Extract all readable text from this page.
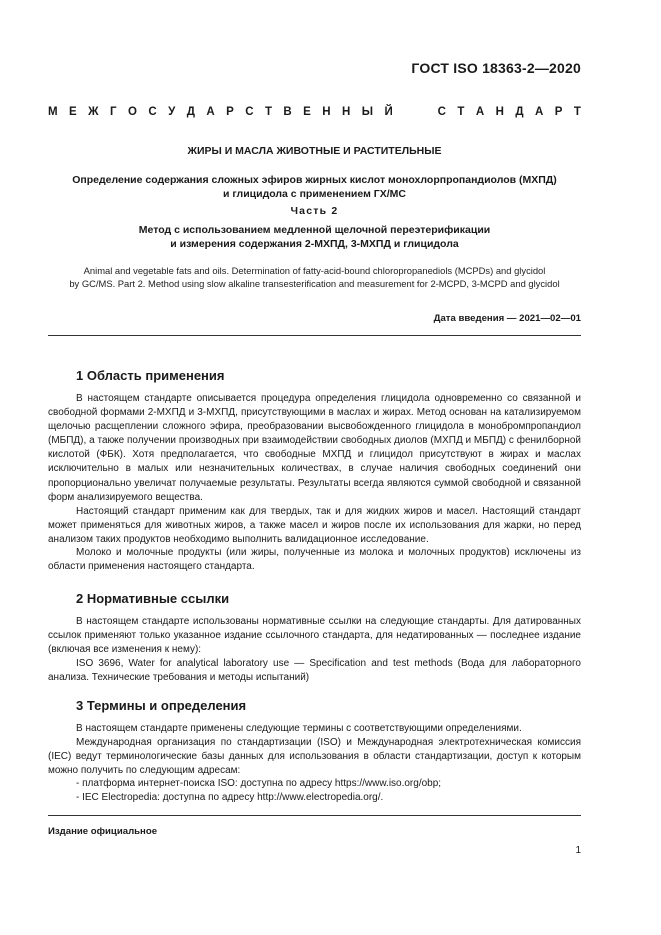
ГОСТ ISO 18363-2—2020
М Е Ж Г О С У Д А Р С Т В Е Н Н Ы Й	С Т А Н Д А Р Т
ЖИРЫ И МАСЛА ЖИВОТНЫЕ И РАСТИТЕЛЬНЫЕ
Определение содержания сложных эфиров жирных кислот монохлорпропандиолов (МХПД)
и глицидола с применением ГХ/МС
Часть 2
Метод с использованием медленной щелочной переэтерификации
и измерения содержания 2-МХПД, 3-МХПД и глицидола
Animal and vegetable fats and oils. Determination of fatty-acid-bound chloropropanediols (MCPDs) and glycidol
by GC/MS. Part 2. Method using slow alkaline transesterification and measurement for 2-MCPD, 3-MCPD and glycidol
Дата введения — 2021—02—01
1 Область применения

В настоящем стандарте описывается процедура определения глицидола одновременно со связанной и свободной формами 2-МХПД и 3-МХПД, присутствующими в маслах и жирах. Метод основан на катализируемом щелочью расщеплении сложного эфира, преобразовании высвобожденного глицидола в монобромпропандиол (МБПД), а также получении производных при взаимодействии свободных диолов (МХПД и МБПД) с фенилборной кислотой (ФБК). Хотя предполагается, что свободные МХПД и глицидол присутствуют в жирах и маслах исключительно в малых или незначительных количествах, в случае наличия свободных соединений они пропорционально увеличат получаемые результаты. Результаты всегда являются суммой свободной и связанной форм анализируемого вещества.

Настоящий стандарт применим как для твердых, так и для жидких жиров и масел. Настоящий стандарт может применяться для животных жиров, а также масел и жиров после их использования для жарки, но перед анализом таких продуктов необходимо выполнить валидационное исследование.

Молоко и молочные продукты (или жиры, полученные из молока и молочных продуктов) исключены из области применения настоящего стандарта.

2 Нормативные ссылки

В настоящем стандарте использованы нормативные ссылки на следующие стандарты. Для датированных ссылок применяют только указанное издание ссылочного стандарта, для недатированных — последнее издание (включая все изменения к нему):

ISO 3696, Water for analytical laboratory use — Specification and test methods (Вода для лабораторного анализа. Технические требования и методы испытаний)

3 Термины и определения

В настоящем стандарте применены следующие термины с соответствующими определениями.

Международная организация по стандартизации (ISO) и Международная электротехническая комиссия (IEC) ведут терминологические базы данных для использования в области стандартизации, доступ к которым можно получить по следующим адресам:

- платформа интернет-поиска ISO: доступна по адресу https://www.iso.org/obp;

- IEC Electropedia: доступна по адресу http://www.electropedia.org/.

Издание официальное
1
